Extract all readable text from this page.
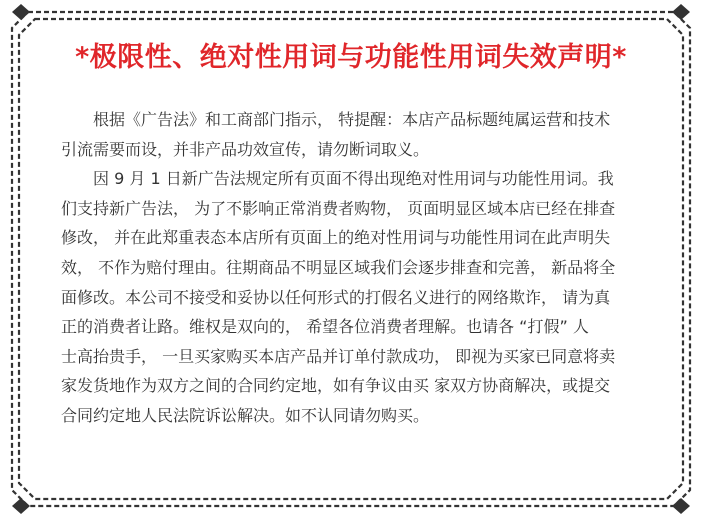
*极限性、绝对性用词与功能性用词失效声明*

　　根据《广告法》和工商部门指示， 特提醒：本店产品标题纯属运营和技术
引流需要而设，并非产品功效宣传，请勿断词取义。

　　因 9 月 1 日新广告法规定所有页面不得出现绝对性用词与功能性用词。我
们支持新广告法， 为了不影响正常消费者购物， 页面明显区域本店已经在排查
修改， 并在此郑重表态本店所有页面上的绝对性用词与功能性用词在此声明失
效， 不作为赔付理由。往期商品不明显区域我们会逐步排查和完善， 新品将全
面修改。本公司不接受和妥协以任何形式的打假名义进行的网络欺诈， 请为真
正的消费者让路。维权是双向的， 希望各位消费者理解。也请各 “打假” 人
士高抬贵手， 一旦买家购买本店产品并订单付款成功， 即视为买家已同意将卖
家发货地作为双方之间的合同约定地，如有争议由买 家双方协商解决，或提交
合同约定地人民法院诉讼解决。如不认同请勿购买。
